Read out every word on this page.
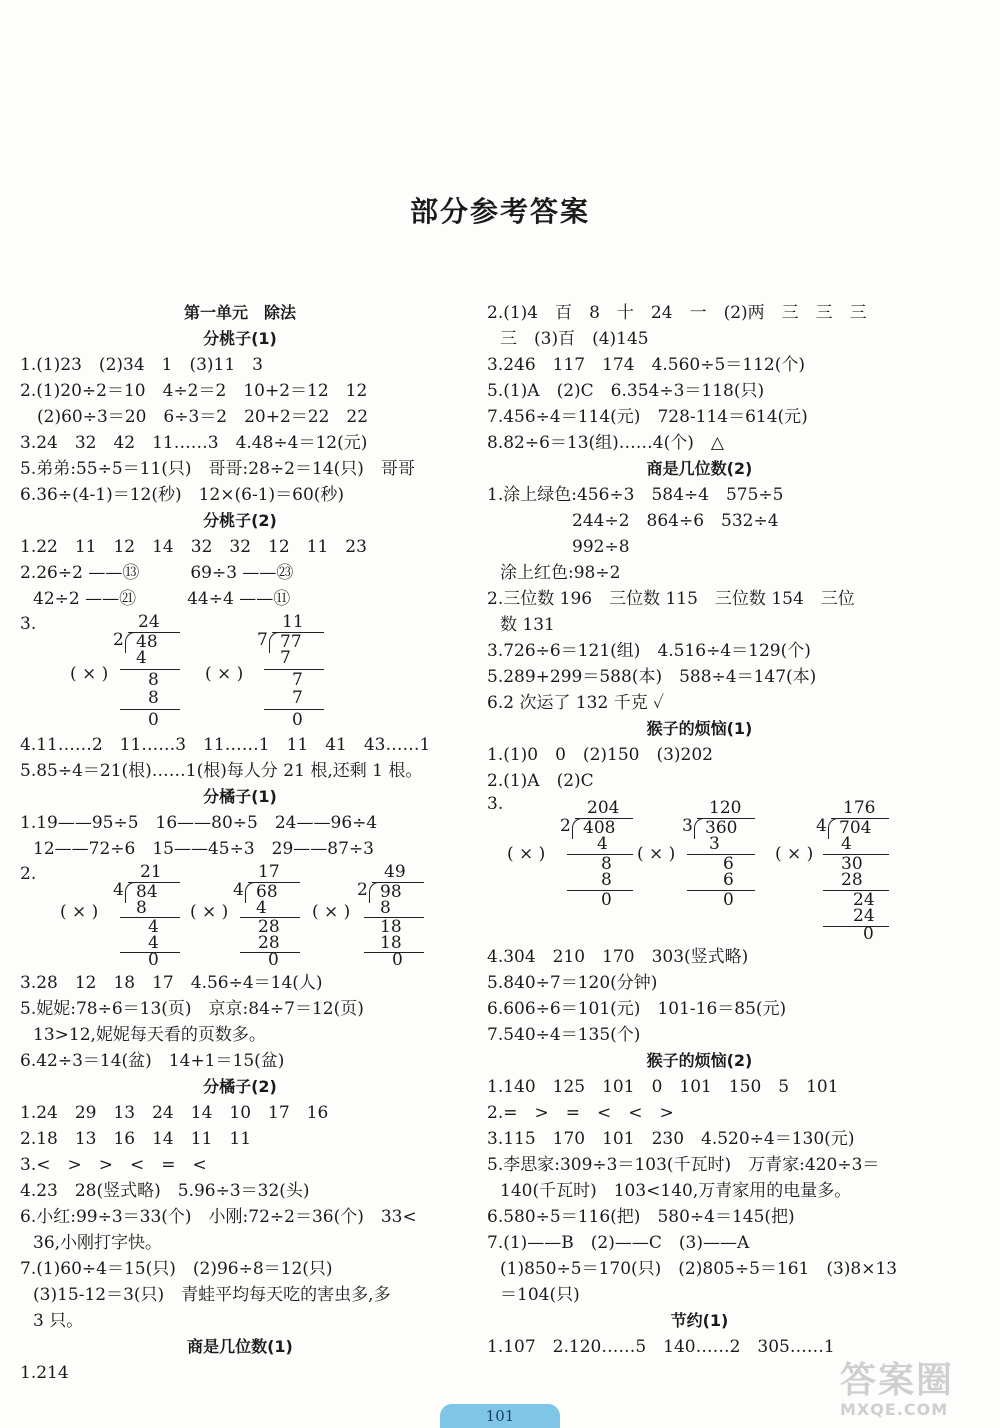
部分参考答案
第一单元　除法
分桃子(1)
1.(1)23　(2)34　1　(3)11　3
2.(1)20÷2＝10　4÷2＝2　10+2＝12　12
　(2)60÷3＝20　6÷3＝2　20+2＝22　22
3.24　32　42　11……3　4.48÷4＝12(元)
5.弟弟:55÷5＝11(只)　哥哥:28÷2＝14(只)　哥哥
6.36÷(4-1)＝12(秒)　12×(6-1)＝60(秒)
分桃子(2)
1.22　11　12　14　32　32　12　11　23
2.26÷2 ——⑬　　　69÷3 ——㉓
42÷2 ——㉑　　　44÷4 ——⑪
3.
( × )
24
2 48
4
8
8
0
( × )
11
7 77
7
7
7
0
4.11……2　11……3　11……1　11　41　43……1
5.85÷4＝21(根)……1(根)每人分 21 根,还剩 1 根。
分橘子(1)
1.19——95÷5　16——80÷5　24——96÷4
12——72÷6　15——45÷3　29——87÷3
2.
( × )
21
4 84
8
4
4
0
( × )
17
4 68
4
28
28
0
( × )
49
2 98
8
18
18
0
3.28　12　18　17　4.56÷4＝14(人)
5.妮妮:78÷6＝13(页)　京京:84÷7＝12(页)
13>12,妮妮每天看的页数多。
6.42÷3＝14(盆)　14+1＝15(盆)
分橘子(2)
1.24　29　13　24　14　10　17　16
2.18　13　16　14　11　11
3.<　>　>　<　=　<
4.23　28(竖式略)　5.96÷3＝32(头)
6.小红:99÷3＝33(个)　小刚:72÷2＝36(个)　33<
36,小刚打字快。
7.(1)60÷4＝15(只)　(2)96÷8＝12(只)
(3)15-12＝3(只)　青蛙平均每天吃的害虫多,多
3 只。
商是几位数(1)
1.214
2.(1)4　百　8　十　24　一　(2)两　三　三　三
三　(3)百　(4)145
3.246　117　174　4.560÷5＝112(个)
5.(1)A　(2)C　6.354÷3＝118(只)
7.456÷4＝114(元)　728-114＝614(元)
8.82÷6＝13(组)……4(个)　△
商是几位数(2)
1.涂上绿色:456÷3　584÷4　575÷5
　　　　　244÷2　864÷6　532÷4
　　　　　992÷8
涂上红色:98÷2
2.三位数 196　三位数 115　三位数 154　三位
数 131
3.726÷6＝121(组)　4.516÷4＝129(个)
5.289+299＝588(本)　588÷4＝147(本)
6.2 次运了 132 千克 ✓
猴子的烦恼(1)
1.(1)0　0　(2)150　(3)202
2.(1)A　(2)C
3.
( × )
204
2 408
4
8
8
0
( × )
120
3 360
3
6
6
0
( × )
176
4 704
4
30
28
24
24
0
4.304　210　170　303(竖式略)
5.840÷7＝120(分钟)
6.606÷6＝101(元)　101-16＝85(元)
7.540÷4＝135(个)
猴子的烦恼(2)
1.140　125　101　0　101　150　5　101
2.=　>　=　<　<　>
3.115　170　101　230　4.520÷4＝130(元)
5.李思家:309÷3＝103(千瓦时)　万青家:420÷3＝
140(千瓦时)　103<140,万青家用的电量多。
6.580÷5＝116(把)　580÷4＝145(把)
7.(1)——B　(2)——C　(3)——A
(1)850÷5＝170(只)　(2)805÷5＝161　(3)8×13
＝104(只)
节约(1)
1.107　2.120……5　140……2　305……1
101
答案圈
MXQE.COM
